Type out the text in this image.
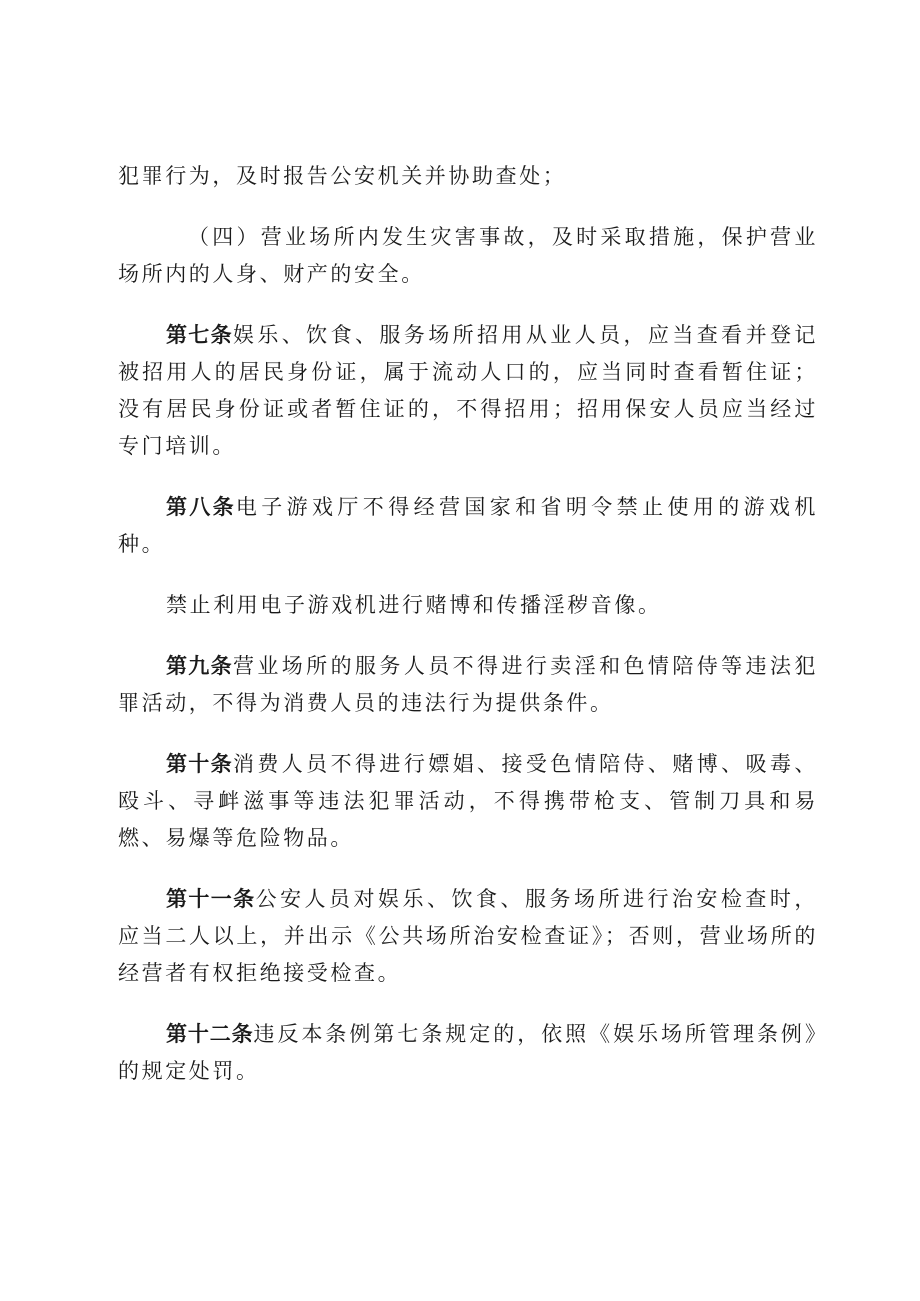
犯罪行为，及时报告公安机关并协助查处；

（四）营业场所内发生灾害事故，及时采取措施，保护营业场所内的人身、财产的安全。

第七条娱乐、饮食、服务场所招用从业人员，应当查看并登记被招用人的居民身份证，属于流动人口的，应当同时查看暂住证；没有居民身份证或者暂住证的，不得招用；招用保安人员应当经过专门培训。

第八条电子游戏厅不得经营国家和省明令禁止使用的游戏机种。

禁止利用电子游戏机进行赌博和传播淫秽音像。

第九条营业场所的服务人员不得进行卖淫和色情陪侍等违法犯罪活动，不得为消费人员的违法行为提供条件。

第十条消费人员不得进行嫖娼、接受色情陪侍、赌博、吸毒、殴斗、寻衅滋事等违法犯罪活动，不得携带枪支、管制刀具和易燃、易爆等危险物品。

第十一条公安人员对娱乐、饮食、服务场所进行治安检查时，应当二人以上，并出示《公共场所治安检查证》；否则，营业场所的经营者有权拒绝接受检查。

第十二条违反本条例第七条规定的，依照《娱乐场所管理条例》的规定处罚。
